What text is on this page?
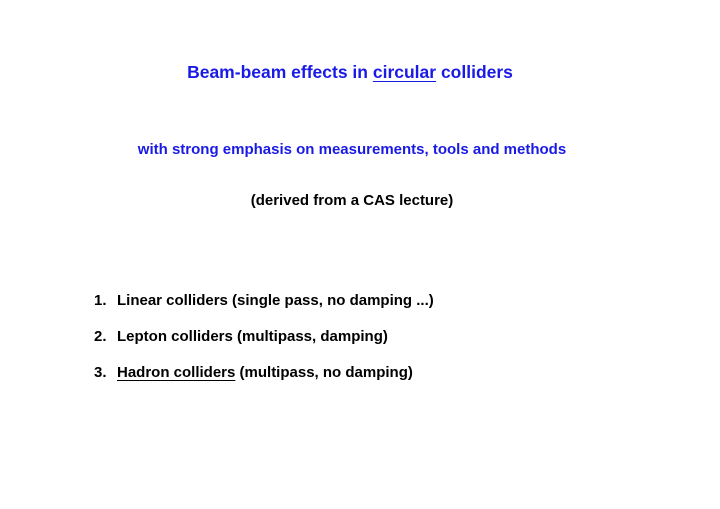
Beam-beam effects in circular colliders
with strong emphasis on measurements, tools and methods
(derived from a CAS lecture)
1. Linear colliders (single pass, no damping ...)
2. Lepton colliders (multipass, damping)
3. Hadron colliders (multipass, no damping)
